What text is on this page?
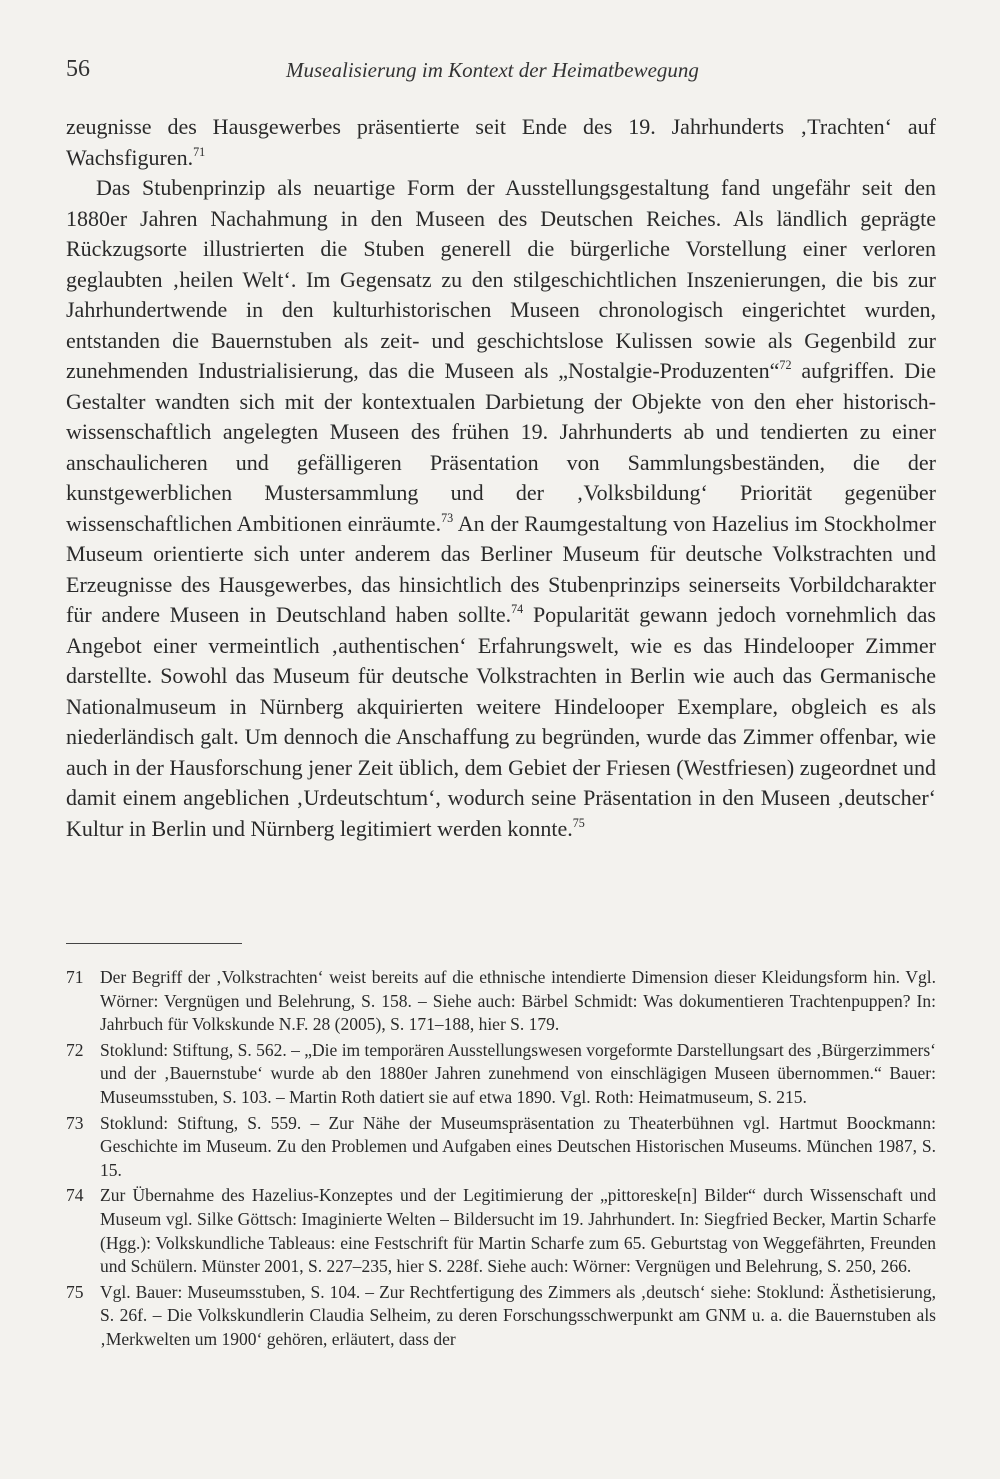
56	Musealisierung im Kontext der Heimatbewegung

zeugnisse des Hausgewerbes präsentierte seit Ende des 19. Jahrhunderts ‚Trachten‘ auf Wachsfiguren.$^{71}$

Das Stubenprinzip als neuartige Form der Ausstellungsgestaltung fand ungefähr seit den 1880er Jahren Nachahmung in den Museen des Deutschen Reiches. Als ländlich geprägte Rückzugsorte illustrierten die Stuben generell die bürgerliche Vorstellung einer verloren geglaubten ‚heilen Welt‘. Im Gegensatz zu den stilgeschichtlichen Inszenierungen, die bis zur Jahrhundertwende in den kulturhistorischen Museen chronologisch eingerichtet wurden, entstanden die Bauernstuben als zeit- und geschichtslose Kulissen sowie als Gegenbild zur zunehmenden Industrialisierung, das die Museen als „Nostalgie-Produzenten“$^{72}$ aufgriffen. Die Gestalter wandten sich mit der kontextualen Darbietung der Objekte von den eher historisch-wissenschaftlich angelegten Museen des frühen 19. Jahrhunderts ab und tendierten zu einer anschaulicheren und gefälligeren Präsentation von Sammlungsbeständen, die der kunstgewerblichen Mustersammlung und der ‚Volksbildung‘ Priorität gegenüber wissenschaftlichen Ambitionen einräumte.$^{73}$ An der Raumgestaltung von Hazelius im Stockholmer Museum orientierte sich unter anderem das Berliner Museum für deutsche Volkstrachten und Erzeugnisse des Hausgewerbes, das hinsichtlich des Stubenprinzips seinerseits Vorbildcharakter für andere Museen in Deutschland haben sollte.$^{74}$ Popularität gewann jedoch vornehmlich das Angebot einer vermeintlich ‚authentischen‘ Erfahrungswelt, wie es das Hindelooper Zimmer darstellte. Sowohl das Museum für deutsche Volkstrachten in Berlin wie auch das Germanische Nationalmuseum in Nürnberg akquirierten weitere Hindelooper Exemplare, obgleich es als niederländisch galt. Um dennoch die Anschaffung zu begründen, wurde das Zimmer offenbar, wie auch in der Hausforschung jener Zeit üblich, dem Gebiet der Friesen (Westfriesen) zugeordnet und damit einem angeblichen ‚Urdeutschtum‘, wodurch seine Präsentation in den Museen ‚deutscher‘ Kultur in Berlin und Nürnberg legitimiert werden konnte.$^{75}$

71 Der Begriff der ‚Volkstrachten‘ weist bereits auf die ethnische intendierte Dimension dieser Kleidungsform hin. Vgl. Wörner: Vergnügen und Belehrung, S. 158. – Siehe auch: Bärbel Schmidt: Was dokumentieren Trachtenpuppen? In: Jahrbuch für Volkskunde N.F. 28 (2005), S. 171–188, hier S. 179.
72 Stoklund: Stiftung, S. 562. – „Die im temporären Ausstellungswesen vorgeformte Darstellungsart des ‚Bürgerzimmers‘ und der ‚Bauernstube‘ wurde ab den 1880er Jahren zunehmend von einschlägigen Museen übernommen.“ Bauer: Museumsstuben, S. 103. – Martin Roth datiert sie auf etwa 1890. Vgl. Roth: Heimatmuseum, S. 215.
73 Stoklund: Stiftung, S. 559. – Zur Nähe der Museumspräsentation zu Theaterbühnen vgl. Hartmut Boockmann: Geschichte im Museum. Zu den Problemen und Aufgaben eines Deutschen Historischen Museums. München 1987, S. 15.
74 Zur Übernahme des Hazelius-Konzeptes und der Legitimierung der „pittoreske[n] Bilder“ durch Wissenschaft und Museum vgl. Silke Göttsch: Imaginierte Welten – Bildersucht im 19. Jahrhundert. In: Siegfried Becker, Martin Scharfe (Hgg.): Volkskundliche Tableaus: eine Festschrift für Martin Scharfe zum 65. Geburtstag von Weggefährten, Freunden und Schülern. Münster 2001, S. 227–235, hier S. 228f. Siehe auch: Wörner: Vergnügen und Belehrung, S. 250, 266.
75 Vgl. Bauer: Museumsstuben, S. 104. – Zur Rechtfertigung des Zimmers als ‚deutsch‘ siehe: Stoklund: Ästhetisierung, S. 26f. – Die Volkskundlerin Claudia Selheim, zu deren Forschungsschwerpunkt am GNM u. a. die Bauernstuben als ‚Merkwelten um 1900‘ gehören, erläutert, dass der
